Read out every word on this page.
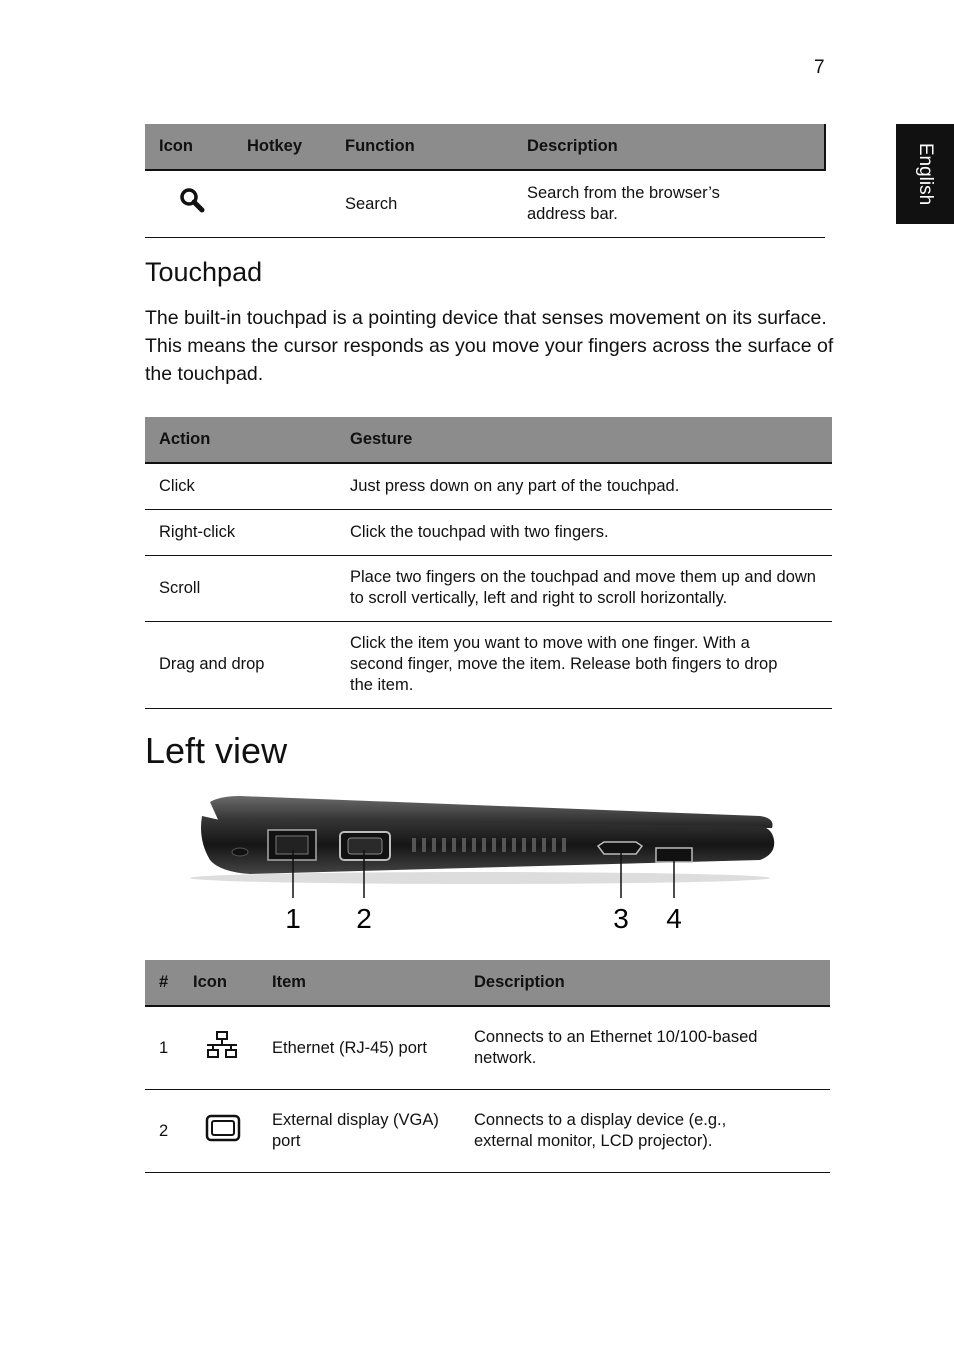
7
English
Icon	Hotkey	Function	Description
		Search	Search from the browser’s address bar.
Touchpad
The built-in touchpad is a pointing device that senses movement on its surface. This means the cursor responds as you move your fingers across the surface of the touchpad.
Action	Gesture
Click	Just press down on any part of the touchpad.
Right-click	Click the touchpad with two fingers.
Scroll	Place two fingers on the touchpad and move them up and down to scroll vertically, left and right to scroll horizontally.
Drag and drop	Click the item you want to move with one finger. With a second finger, move the item. Release both fingers to drop the item.
Left view
1 2	3 4
#	Icon	Item	Description
1		Ethernet (RJ-45) port	Connects to an Ethernet 10/100-based network.
2		External display (VGA) port	Connects to a display device (e.g., external monitor, LCD projector).
